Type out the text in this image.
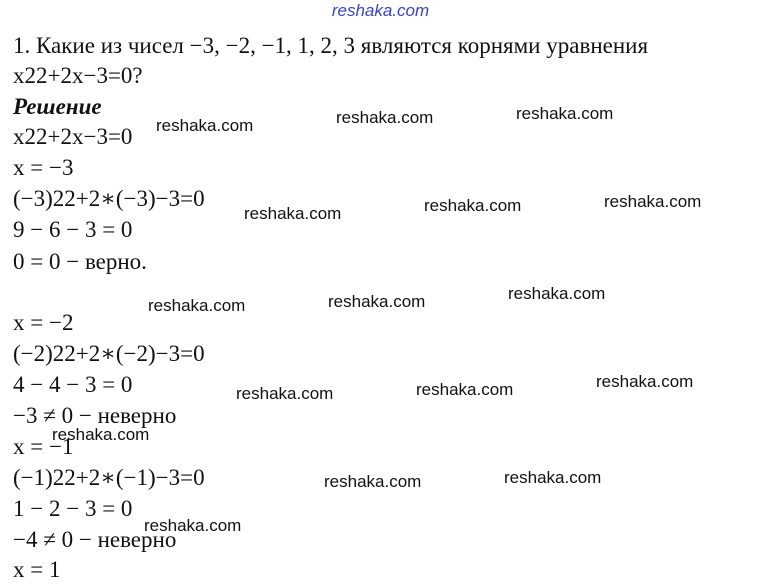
reshaka.com
1. Какие из чисел −3, −2, −1, 1, 2, 3 являются корнями уравнения
x22+2x−3=0?
Решение
x22+2x−3=0
x = −3
(−3)22+2∗(−3)−3=0
9 − 6 − 3 = 0
0 = 0 − верно.
x = −2
(−2)22+2∗(−2)−3=0
4 − 4 − 3 = 0
−3 ≠ 0 − неверно
x = −1
(−1)22+2∗(−1)−3=0
1 − 2 − 3 = 0
−4 ≠ 0 − неверно
x = 1
reshaka.com	reshaka.com	reshaka.com
reshaka.com	reshaka.com	reshaka.com
reshaka.com	reshaka.com	reshaka.com
reshaka.com	reshaka.com	reshaka.com
reshaka.com
reshaka.com	reshaka.com
reshaka.com
